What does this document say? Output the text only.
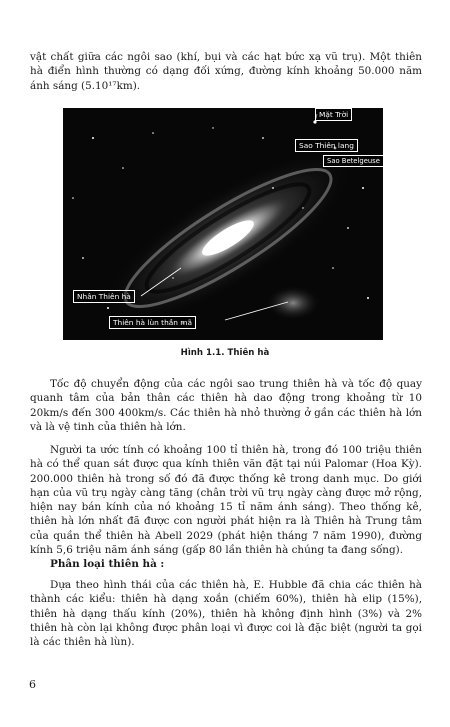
vật chất giữa các ngôi sao (khí, bụi và các hạt bức xạ vũ trụ). Một thiên hà điển hình thường có dạng đối xứng, đường kính khoảng 50.000 năm ánh sáng (5.10¹⁷km).

Mặt Trời
Sao Thiên lang
Sao Betelgeuse
Nhân Thiên hà
Thiên hà lùn thần mã
Hình 1.1. Thiên hà

Tốc độ chuyển động của các ngôi sao trung thiên hà và tốc độ quay quanh tâm của bản thân các thiên hà dao động trong khoảng từ 10 20km/s đến 300 400km/s. Các thiên hà nhỏ thường ở gần các thiên hà lớn và là vệ tinh của thiên hà lớn.

Người ta ước tính có khoảng 100 tỉ thiên hà, trong đó 100 triệu thiên hà có thể quan sát được qua kính thiên văn đặt tại núi Palomar (Hoa Kỳ). 200.000 thiên hà trong số đó đã được thống kê trong danh mục. Do giới hạn của vũ trụ ngày càng tăng (chân trời vũ trụ ngày càng được mở rộng, hiện nay bán kính của nó khoảng 15 tỉ năm ánh sáng). Theo thống kê, thiên hà lớn nhất đã được con người phát hiện ra là Thiên hà Trung tâm của quần thể thiên hà Abell 2029 (phát hiện tháng 7 năm 1990), đường kính 5,6 triệu năm ánh sáng (gấp 80 lần thiên hà chúng ta đang sống).

Phân loại thiên hà :

Dựa theo hình thái của các thiên hà, E. Hubble đã chia các thiên hà thành các kiểu: thiên hà dạng xoắn (chiếm 60%), thiên hà elip (15%), thiên hà dạng thấu kính (20%), thiên hà không định hình (3%) và 2% thiên hà còn lại không được phân loại vì được coi là đặc biệt (người ta gọi là các thiên hà lùn).

6
